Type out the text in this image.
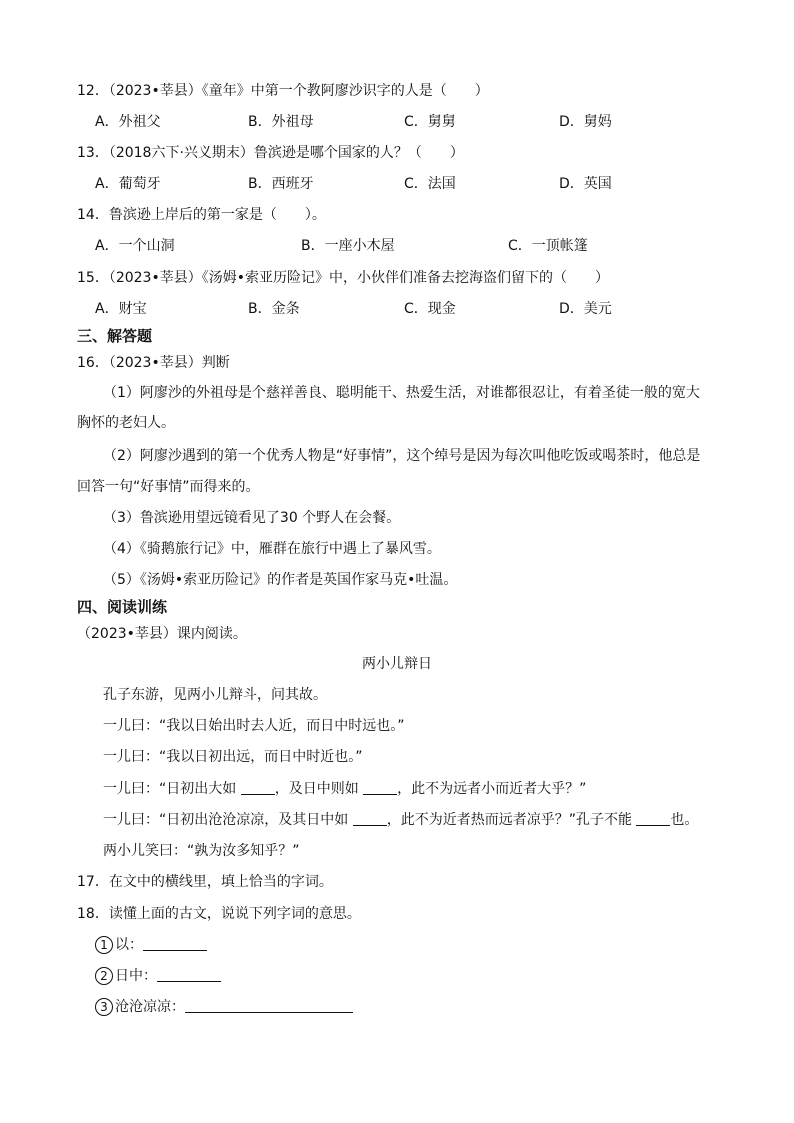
12．（2023•莘县）《童年》中第一个教阿廖沙识字的人是（　　）
A．外祖父	B．外祖母	C．舅舅	D．舅妈
13．（2018六下·兴义期末）鲁滨逊是哪个国家的人？（　　）
A．葡萄牙	B．西班牙	C．法国	D．英国
14．鲁滨逊上岸后的第一家是（　　）。
A．一个山洞	B．一座小木屋	C．一顶帐篷
15．（2023•莘县）《汤姆•索亚历险记》中，小伙伴们准备去挖海盗们留下的（　　）
A．财宝	B．金条	C．现金	D．美元
三、解答题
16．（2023•莘县）判断
（1）阿廖沙的外祖母是个慈祥善良、聪明能干、热爱生活，对谁都很忍让，有着圣徒一般的宽大
胸怀的老妇人。
（2）阿廖沙遇到的第一个优秀人物是“好事情”，这个绰号是因为每次叫他吃饭或喝茶时，他总是
回答一句“好事情”而得来的。
（3）鲁滨逊用望远镜看见了30 个野人在会餐。
（4）《骑鹅旅行记》中，雁群在旅行中遇上了暴风雪。
（5）《汤姆•索亚历险记》的作者是英国作家马克•吐温。
四、阅读训练
（2023•莘县）课内阅读。
两小儿辩日
孔子东游，见两小儿辩斗，问其故。
一儿曰：“我以日始出时去人近，而日中时远也。”
一儿曰：“我以日初出远，而日中时近也。”
一儿曰：“日初出大如 ，及日中则如 ，此不为远者小而近者大乎？”
一儿曰：“日初出沧沧凉凉，及其日中如 ，此不为近者热而远者凉乎？”孔子不能 也。
两小儿笑曰：“孰为汝多知乎？”
17．在文中的横线里，填上恰当的字词。
18．读懂上面的古文，说说下列字词的意思。
1 以：
2 日中：
3 沧沧凉凉：
